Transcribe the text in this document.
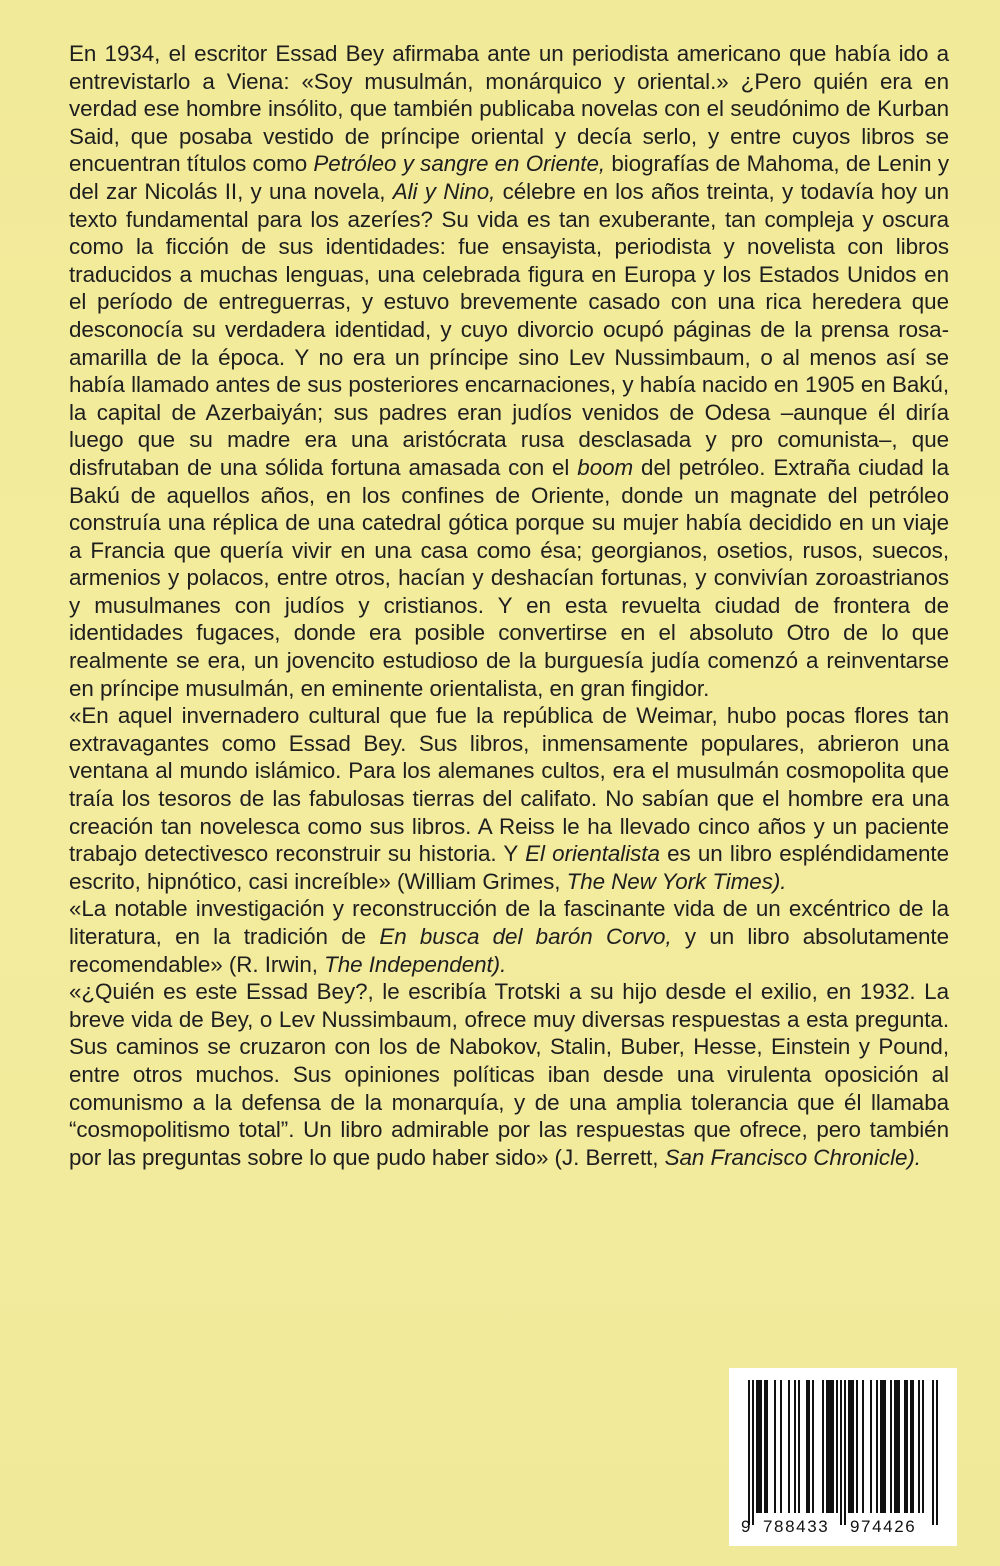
En 1934, el escritor Essad Bey afirmaba ante un periodista americano que había ido a entrevistarlo a Viena: «Soy musulmán, monárquico y oriental.» ¿Pero quién era en verdad ese hombre insólito, que también publicaba novelas con el seudónimo de Kurban Said, que posaba vestido de príncipe oriental y decía serlo, y entre cuyos libros se encuentran títulos como Petróleo y sangre en Oriente, biografías de Mahoma, de Lenin y del zar Nicolás II, y una novela, Ali y Nino, célebre en los años treinta, y todavía hoy un texto fundamental para los azeríes? Su vida es tan exuberante, tan compleja y oscura como la ficción de sus identidades: fue ensayista, periodista y novelista con libros traducidos a muchas lenguas, una celebrada figura en Europa y los Estados Unidos en el período de entreguerras, y estuvo brevemente casado con una rica heredera que desconocía su verdadera identidad, y cuyo divorcio ocupó páginas de la prensa rosa-amarilla de la época. Y no era un príncipe sino Lev Nussimbaum, o al menos así se había llamado antes de sus posteriores encarnaciones, y había nacido en 1905 en Bakú, la capital de Azerbaiyán; sus padres eran judíos venidos de Odesa –aunque él diría luego que su madre era una aristócrata rusa desclasada y pro comunista–, que disfrutaban de una sólida fortuna amasada con el boom del petróleo. Extraña ciudad la Bakú de aquellos años, en los confines de Oriente, donde un magnate del petróleo construía una réplica de una catedral gótica porque su mujer había decidido en un viaje a Francia que quería vivir en una casa como ésa; georgianos, osetios, rusos, suecos, armenios y polacos, entre otros, hacían y deshacían fortunas, y convivían zoroastrianos y musulmanes con judíos y cristianos. Y en esta revuelta ciudad de frontera de identidades fugaces, donde era posible convertirse en el absoluto Otro de lo que realmente se era, un jovencito estudioso de la burguesía judía comenzó a reinventarse en príncipe musulmán, en eminente orientalista, en gran fingidor.

«En aquel invernadero cultural que fue la república de Weimar, hubo pocas flores tan extravagantes como Essad Bey. Sus libros, inmensamente populares, abrieron una ventana al mundo islámico. Para los alemanes cultos, era el musulmán cosmopolita que traía los tesoros de las fabulosas tierras del califato. No sabían que el hombre era una creación tan novelesca como sus libros. A Reiss le ha llevado cinco años y un paciente trabajo detectivesco reconstruir su historia. Y El orientalista es un libro espléndidamente escrito, hipnótico, casi increíble» (William Grimes, The New York Times).

«La notable investigación y reconstrucción de la fascinante vida de un excéntrico de la literatura, en la tradición de En busca del barón Corvo, y un libro absolutamente recomendable» (R. Irwin, The Independent).

«¿Quién es este Essad Bey?, le escribía Trotski a su hijo desde el exilio, en 1932. La breve vida de Bey, o Lev Nussimbaum, ofrece muy diversas respuestas a esta pregunta. Sus caminos se cruzaron con los de Nabokov, Stalin, Buber, Hesse, Einstein y Pound, entre otros muchos. Sus opiniones políticas iban desde una virulenta oposición al comunismo a la defensa de la monarquía, y de una amplia tolerancia que él llamaba “cosmopolitismo total”. Un libro admirable por las respuestas que ofrece, pero también por las preguntas sobre lo que pudo haber sido» (J. Berrett, San Francisco Chronicle).

9 788433 974426
